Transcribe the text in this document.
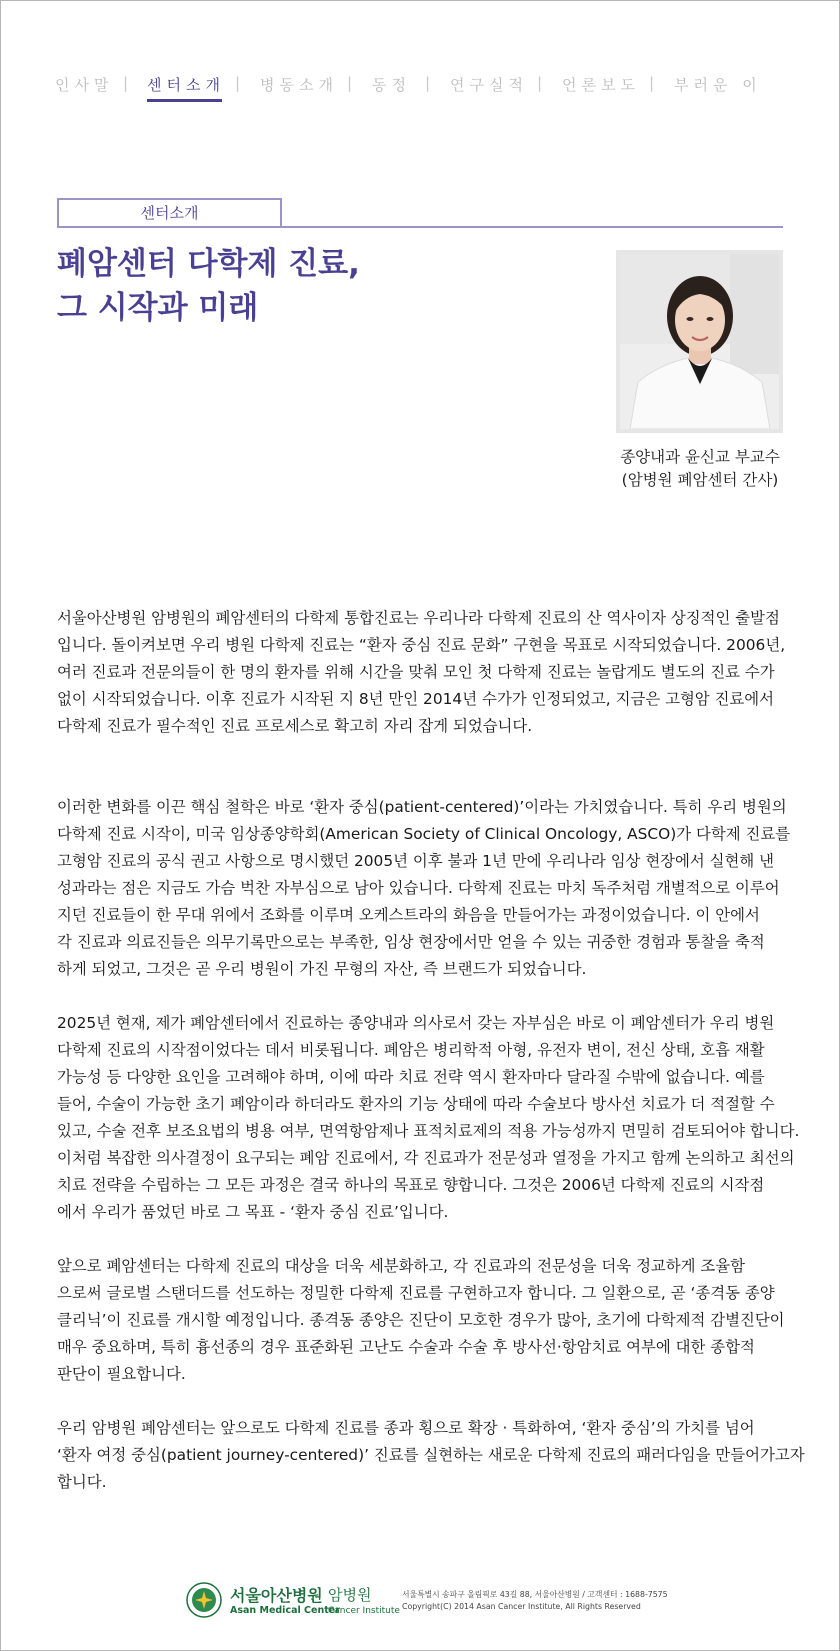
인사말 | 센터소개 | 병동소개 | 동정 | 연구실적 | 언론보도 | 부러운 이
센터소개
폐암센터 다학제 진료,
그 시작과 미래
종양내과 윤신교 부교수
(암병원 폐암센터 간사)

서울아산병원 암병원의 폐암센터의 다학제 통합진료는 우리나라 다학제 진료의 산 역사이자 상징적인 출발점
입니다. 돌이켜보면 우리 병원 다학제 진료는 “환자 중심 진료 문화” 구현을 목표로 시작되었습니다. 2006년,
여러 진료과 전문의들이 한 명의 환자를 위해 시간을 맞춰 모인 첫 다학제 진료는 놀랍게도 별도의 진료 수가
없이 시작되었습니다. 이후 진료가 시작된 지 8년 만인 2014년 수가가 인정되었고, 지금은 고형암 진료에서
다학제 진료가 필수적인 진료 프로세스로 확고히 자리 잡게 되었습니다.

이러한 변화를 이끈 핵심 철학은 바로 ‘환자 중심(patient-centered)’이라는 가치였습니다. 특히 우리 병원의
다학제 진료 시작이, 미국 임상종양학회(American Society of Clinical Oncology, ASCO)가 다학제 진료를
고형암 진료의 공식 권고 사항으로 명시했던 2005년 이후 불과 1년 만에 우리나라 임상 현장에서 실현해 낸
성과라는 점은 지금도 가슴 벅찬 자부심으로 남아 있습니다. 다학제 진료는 마치 독주처럼 개별적으로 이루어
지던 진료들이 한 무대 위에서 조화를 이루며 오케스트라의 화음을 만들어가는 과정이었습니다. 이 안에서
각 진료과 의료진들은 의무기록만으로는 부족한, 임상 현장에서만 얻을 수 있는 귀중한 경험과 통찰을 축적
하게 되었고, 그것은 곧 우리 병원이 가진 무형의 자산, 즉 브랜드가 되었습니다.
2025년 현재, 제가 폐암센터에서 진료하는 종양내과 의사로서 갖는 자부심은 바로 이 폐암센터가 우리 병원
다학제 진료의 시작점이었다는 데서 비롯됩니다. 폐암은 병리학적 아형, 유전자 변이, 전신 상태, 호흡 재활
가능성 등 다양한 요인을 고려해야 하며, 이에 따라 치료 전략 역시 환자마다 달라질 수밖에 없습니다. 예를
들어, 수술이 가능한 초기 폐암이라 하더라도 환자의 기능 상태에 따라 수술보다 방사선 치료가 더 적절할 수
있고, 수술 전후 보조요법의 병용 여부, 면역항암제나 표적치료제의 적용 가능성까지 면밀히 검토되어야 합니다.
이처럼 복잡한 의사결정이 요구되는 폐암 진료에서, 각 진료과가 전문성과 열정을 가지고 함께 논의하고 최선의
치료 전략을 수립하는 그 모든 과정은 결국 하나의 목표로 향합니다. 그것은 2006년 다학제 진료의 시작점
에서 우리가 품었던 바로 그 목표 - ‘환자 중심 진료’입니다.
앞으로 폐암센터는 다학제 진료의 대상을 더욱 세분화하고, 각 진료과의 전문성을 더욱 정교하게 조율함
으로써 글로벌 스탠더드를 선도하는 정밀한 다학제 진료를 구현하고자 합니다. 그 일환으로, 곧 ‘종격동 종양
클리닉’이 진료를 개시할 예정입니다. 종격동 종양은 진단이 모호한 경우가 많아, 초기에 다학제적 감별진단이
매우 중요하며, 특히 흉선종의 경우 표준화된 고난도 수술과 수술 후 방사선·항암치료 여부에 대한 종합적
판단이 필요합니다.
우리 암병원 폐암센터는 앞으로도 다학제 진료를 종과 횡으로 확장 · 특화하여, ‘환자 중심’의 가치를 넘어
‘환자 여정 중심(patient journey-centered)’ 진료를 실현하는 새로운 다학제 진료의 패러다임을 만들어가고자
합니다.
서울아산병원 암병원
Asan Medical Center
Cancer Institute
서울특별시 송파구 올림픽로 43길 88, 서울아산병원 / 고객센터 : 1688-7575
Copyright(C) 2014 Asan Cancer Institute, All Rights Reserved
